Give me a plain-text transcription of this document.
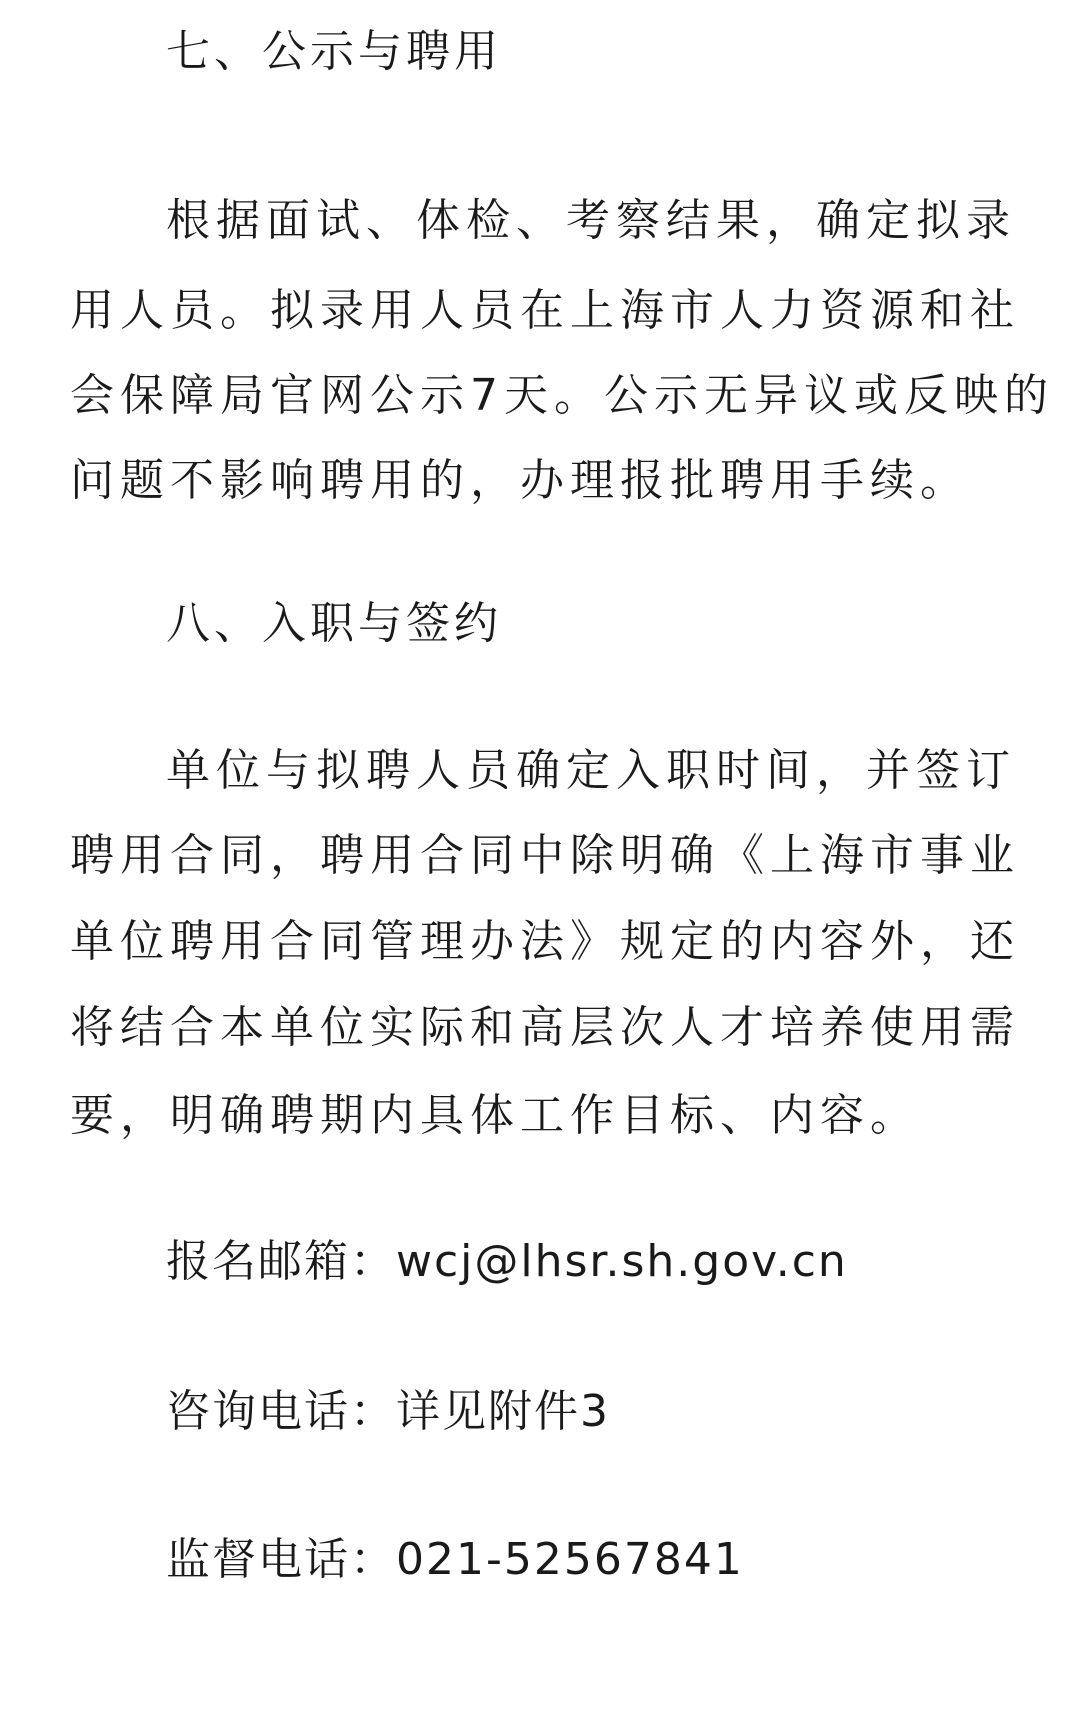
七、公示与聘用
根据面试、体检、考察结果，确定拟录
用人员。拟录用人员在上海市人力资源和社
会保障局官网公示7天。公示无异议或反映的
问题不影响聘用的，办理报批聘用手续。
八、入职与签约
单位与拟聘人员确定入职时间，并签订
聘用合同，聘用合同中除明确《上海市事业
单位聘用合同管理办法》规定的内容外，还
将结合本单位实际和高层次人才培养使用需
要，明确聘期内具体工作目标、内容。
报名邮箱：wcj@lhsr.sh.gov.cn
咨询电话：详见附件3
监督电话：021-52567841
